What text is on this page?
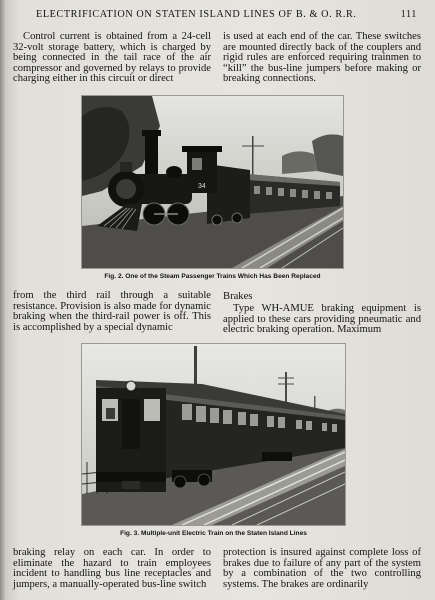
ELECTRIFICATION ON STATEN ISLAND LINES OF B. & O. R.R.	111

Control current is obtained from a 24-cell 32-volt storage battery, which is charged by being connected in the tail race of the air compressor and governed by relays to provide charging either in this circuit or direct

is used at each end of the car. These switches are mounted directly back of the couplers and rigid rules are enforced requiring trainmen to “kill” the bus-line jumpers before making or breaking connections.

34
Fig. 2. One of the Steam Passenger Trains Which Has Been Replaced

from the third rail through a suitable resistance. Provision is also made for dynamic braking when the third-rail power is off. This is accomplished by a special dynamic

Brakes

Type WH-AMUE braking equipment is applied to these cars providing pneumatic and electric braking operation. Maximum

Fig. 3. Multiple-unit Electric Train on the Staten Island Lines

braking relay on each car. In order to eliminate the hazard to train employees incident to handling bus line receptacles and jumpers, a manually-operated bus-line switch

protection is insured against complete loss of brakes due to failure of any part of the system by a combination of the two controlling systems. The brakes are ordinarily
